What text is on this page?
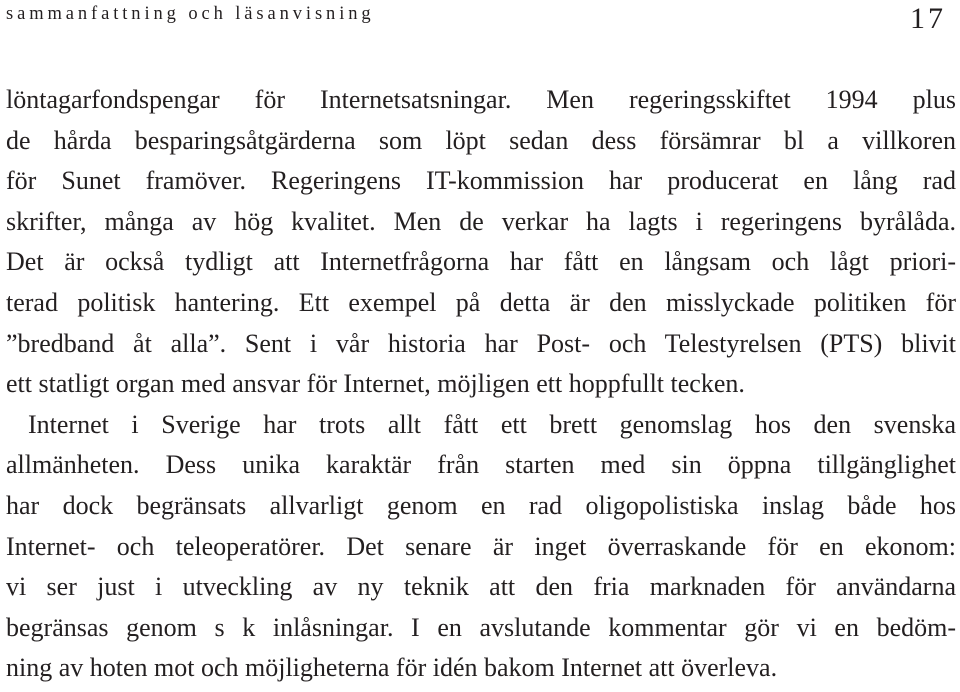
sammanfattning och läsanvisning	17
löntagarfondspengar för Internetsatsningar. Men regeringsskiftet 1994 plus
de hårda besparingsåtgärderna som löpt sedan dess försämrar bl a villkoren
för Sunet framöver. Regeringens IT-kommission har producerat en lång rad
skrifter, många av hög kvalitet. Men de verkar ha lagts i regeringens byrålåda.
Det är också tydligt att Internetfrågorna har fått en långsam och lågt priori-
terad politisk hantering. Ett exempel på detta är den misslyckade politiken för
”bredband åt alla”. Sent i vår historia har Post- och Telestyrelsen (PTS) blivit
ett statligt organ med ansvar för Internet, möjligen ett hoppfullt tecken.
Internet i Sverige har trots allt fått ett brett genomslag hos den svenska
allmänheten. Dess unika karaktär från starten med sin öppna tillgänglighet
har dock begränsats allvarligt genom en rad oligopolistiska inslag både hos
Internet- och teleoperatörer. Det senare är inget överraskande för en ekonom:
vi ser just i utveckling av ny teknik att den fria marknaden för användarna
begränsas genom s k inlåsningar. I en avslutande kommentar gör vi en bedöm-
ning av hoten mot och möjligheterna för idén bakom Internet att överleva.
